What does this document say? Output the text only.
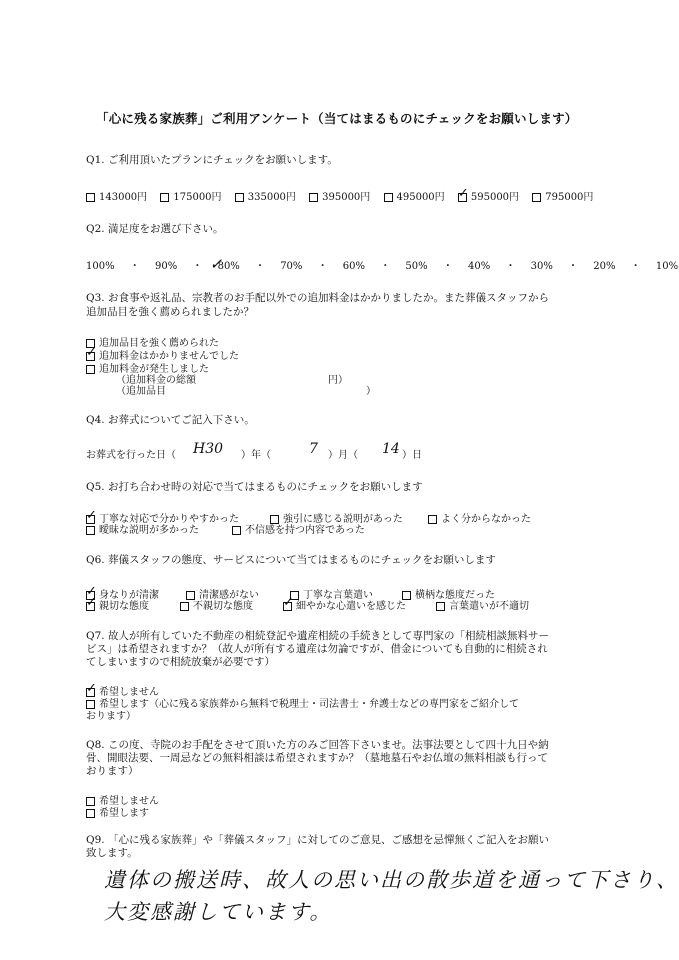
「心に残る家族葬」ご利用アンケート（当てはまるものにチェックをお願いします）
Q1. ご利用頂いたプランにチェックをお願いします。
143000円	175000円	335000円	395000円	495000円 ✓ 595000円	795000円
Q2. 満足度をお選び下さい。
100% ・ 90% ・ ✓
80% ・ 70% ・ 60% ・ 50% ・ 40% ・ 30% ・ 20% ・ 10%
Q3. お食事や返礼品、宗教者のお手配以外での追加料金はかかりましたか。また葬儀スタッフから
追加品目を強く薦められましたか？
追加品目を強く薦められた
✓ 追加料金はかかりませんでした
追加料金が発生しました
（追加料金の総額	円）
（追加品目	）
Q4. お葬式についてご記入下さい。
お葬式を行った日（ H30 ）年（	7 ）月（ 14 ）日
Q5. お打ち合わせ時の対応で当てはまるものにチェックをお願いします
✓ 丁寧な対応で分かりやすかった	強引に感じる説明があった	よく分からなかった
曖昧な説明が多かった	不信感を持つ内容であった
Q6. 葬儀スタッフの態度、サービスについて当てはまるものにチェックをお願いします
✓ 身なりが清潔	清潔感がない	丁寧な言葉遣い	横柄な態度だった
✓ 親切な態度	不親切な態度 ✓ 細やかな心遣いを感じた	言葉遣いが不適切
Q7. 故人が所有していた不動産の相続登記や遺産相続の手続きとして専門家の「相続相談無料サー
ビス」は希望されますか？（故人が所有する遺産は勿論ですが、借金についても自動的に相続され
てしまいますので相続放棄が必要です）
✓ 希望しません
希望します（心に残る家族葬から無料で税理士・司法書士・弁護士などの専門家をご紹介して
おります）
Q8. この度、寺院のお手配をさせて頂いた方のみご回答下さいませ。法事法要として四十九日や納
骨、開眼法要、一周忌などの無料相談は希望されますか？（墓地墓石やお仏壇の無料相談も行って
おります）
希望しません
希望します
Q9. 「心に残る家族葬」や「葬儀スタッフ」に対してのご意見、ご感想を忌憚無くご記入をお願い
致します。
遺体の搬送時、故人の思い出の散歩道を通って下さり、
大変感謝しています。
